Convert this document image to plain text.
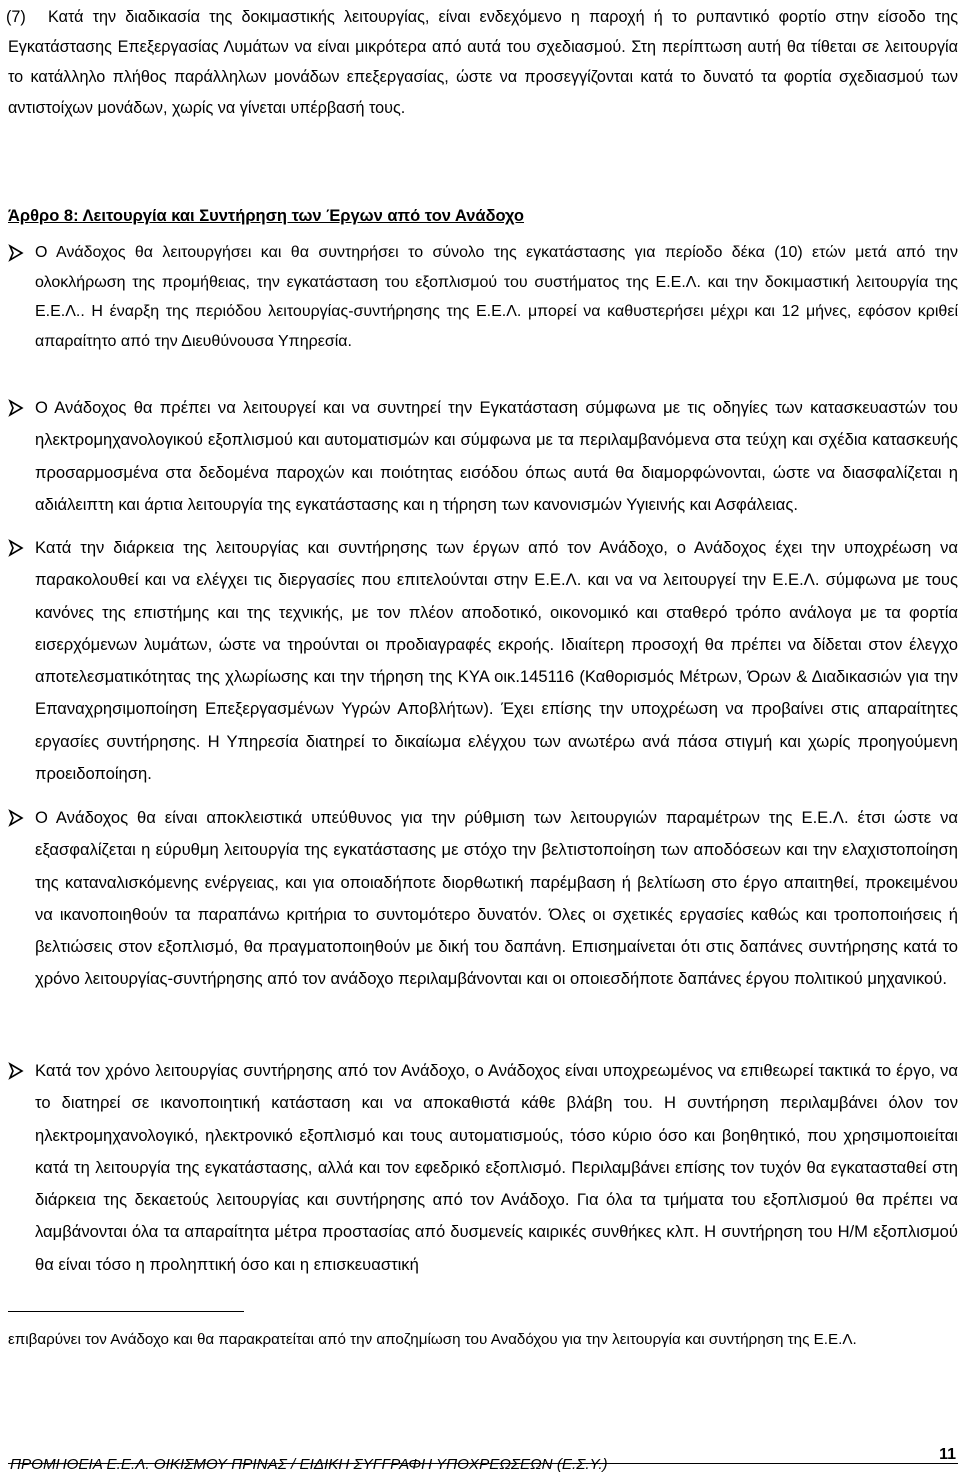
(7) Κατά την διαδικασία της δοκιμαστικής λειτουργίας, είναι ενδεχόμενο η παροχή ή το ρυπαντικό φορτίο στην είσοδο της Εγκατάστασης Επεξεργασίας Λυμάτων να είναι μικρότερα από αυτά του σχεδιασμού. Στη περίπτωση αυτή θα τίθεται σε λειτουργία το κατάλληλο πλήθος παράλληλων μονάδων επεξεργασίας, ώστε να προσεγγίζονται κατά το δυνατό τα φορτία σχεδιασμού των αντιστοίχων μονάδων, χωρίς να γίνεται υπέρβασή τους.
Άρθρο 8: Λειτουργία και Συντήρηση των Έργων από τον Ανάδοχο
Ο Ανάδοχος θα λειτουργήσει και θα συντηρήσει το σύνολο της εγκατάστασης για περίοδο δέκα (10) ετών μετά από την ολοκλήρωση της προμήθειας, την εγκατάσταση του εξοπλισμού του συστήματος της Ε.Ε.Λ. και την δοκιμαστική λειτουργία της Ε.Ε.Λ.. Η έναρξη της περιόδου λειτουργίας-συντήρησης της Ε.Ε.Λ. μπορεί να καθυστερήσει μέχρι και 12 μήνες, εφόσον κριθεί απαραίτητο από την Διευθύνουσα Υπηρεσία.
Ο Ανάδοχος θα πρέπει να λειτουργεί και να συντηρεί την Εγκατάσταση σύμφωνα με τις οδηγίες των κατασκευαστών του ηλεκτρομηχανολογικού εξοπλισμού και αυτοματισμών και σύμφωνα με τα περιλαμβανόμενα στα τεύχη και σχέδια κατασκευής προσαρμοσμένα στα δεδομένα παροχών και ποιότητας εισόδου όπως αυτά θα διαμορφώνονται, ώστε να διασφαλίζεται η αδιάλειπτη και άρτια λειτουργία της εγκατάστασης και η τήρηση των κανονισμών Υγιεινής και Ασφάλειας.
Κατά την διάρκεια της λειτουργίας και συντήρησης των έργων από τον Ανάδοχο, ο Ανάδοχος έχει την υποχρέωση να παρακολουθεί και να ελέγχει τις διεργασίες που επιτελούνται στην Ε.Ε.Λ. και να να λειτουργεί την Ε.Ε.Λ. σύμφωνα με τους κανόνες της επιστήμης και της τεχνικής, με τον πλέον αποδοτικό, οικονομικό και σταθερό τρόπο ανάλογα με τα φορτία εισερχόμενων λυμάτων, ώστε να τηρούνται οι προδιαγραφές εκροής. Ιδιαίτερη προσοχή θα πρέπει να δίδεται στον έλεγχο αποτελεσματικότητας της χλωρίωσης και την τήρηση της ΚΥΑ οικ.145116 (Καθορισμός Μέτρων, Όρων & Διαδικασιών για την Επαναχρησιμοποίηση Επεξεργασμένων Υγρών Αποβλήτων). Έχει επίσης την υποχρέωση να προβαίνει στις απαραίτητες εργασίες συντήρησης. Η Υπηρεσία διατηρεί το δικαίωμα ελέγχου των ανωτέρω ανά πάσα στιγμή και χωρίς προηγούμενη προειδοποίηση.
Ο Ανάδοχος θα είναι αποκλειστικά υπεύθυνος για την ρύθμιση των λειτουργιών παραμέτρων της Ε.Ε.Λ. έτσι ώστε να εξασφαλίζεται η εύρυθμη λειτουργία της εγκατάστασης με στόχο την βελτιστοποίηση των αποδόσεων και την ελαχιστοποίηση της καταναλισκόμενης ενέργειας, και για οποιαδήποτε διορθωτική παρέμβαση ή βελτίωση στο έργο απαιτηθεί, προκειμένου να ικανοποιηθούν τα παραπάνω κριτήρια το συντομότερο δυνατόν. Όλες οι σχετικές εργασίες καθώς και τροποποιήσεις ή βελτιώσεις στον εξοπλισμό, θα πραγματοποιηθούν με δική του δαπάνη. Επισημαίνεται ότι στις δαπάνες συντήρησης κατά το χρόνο λειτουργίας-συντήρησης από τον ανάδοχο περιλαμβάνονται και οι οποιεσδήποτε δαπάνες έργου πολιτικού μηχανικού.
Κατά τον χρόνο λειτουργίας συντήρησης από τον Ανάδοχο, ο Ανάδοχος είναι υποχρεωμένος να επιθεωρεί τακτικά το έργο, να το διατηρεί σε ικανοποιητική κατάσταση και να αποκαθιστά κάθε βλάβη του. Η συντήρηση περιλαμβάνει όλον τον ηλεκτρομηχανολογικό, ηλεκτρονικό εξοπλισμό και τους αυτοματισμούς, τόσο κύριο όσο και βοηθητικό, που χρησιμοποιείται κατά τη λειτουργία της εγκατάστασης, αλλά και τον εφεδρικό εξοπλισμό. Περιλαμβάνει επίσης τον τυχόν θα εγκατασταθεί στη διάρκεια της δεκαετούς λειτουργίας και συντήρησης από τον Ανάδοχο. Για όλα τα τμήματα του εξοπλισμού θα πρέπει να λαμβάνονται όλα τα απαραίτητα μέτρα προστασίας από δυσμενείς καιρικές συνθήκες κλπ. Η συντήρηση του Η/Μ εξοπλισμού θα είναι τόσο η προληπτική όσο και η επισκευαστική
επιβαρύνει τον Ανάδοχο και θα παρακρατείται από την αποζημίωση του Αναδόχου για την λειτουργία και συντήρηση της Ε.Ε.Λ.
ΠΡΟΜΗΘΕΙΑ Ε.Ε.Λ. ΟΙΚΙΣΜΟΥ ΠΡΙΝΑΣ / ΕΙΔΙΚΗ ΣΥΓΓΡΑΦΗ ΥΠΟΧΡΕΩΣΕΩΝ (Ε.Σ.Υ.)
11
